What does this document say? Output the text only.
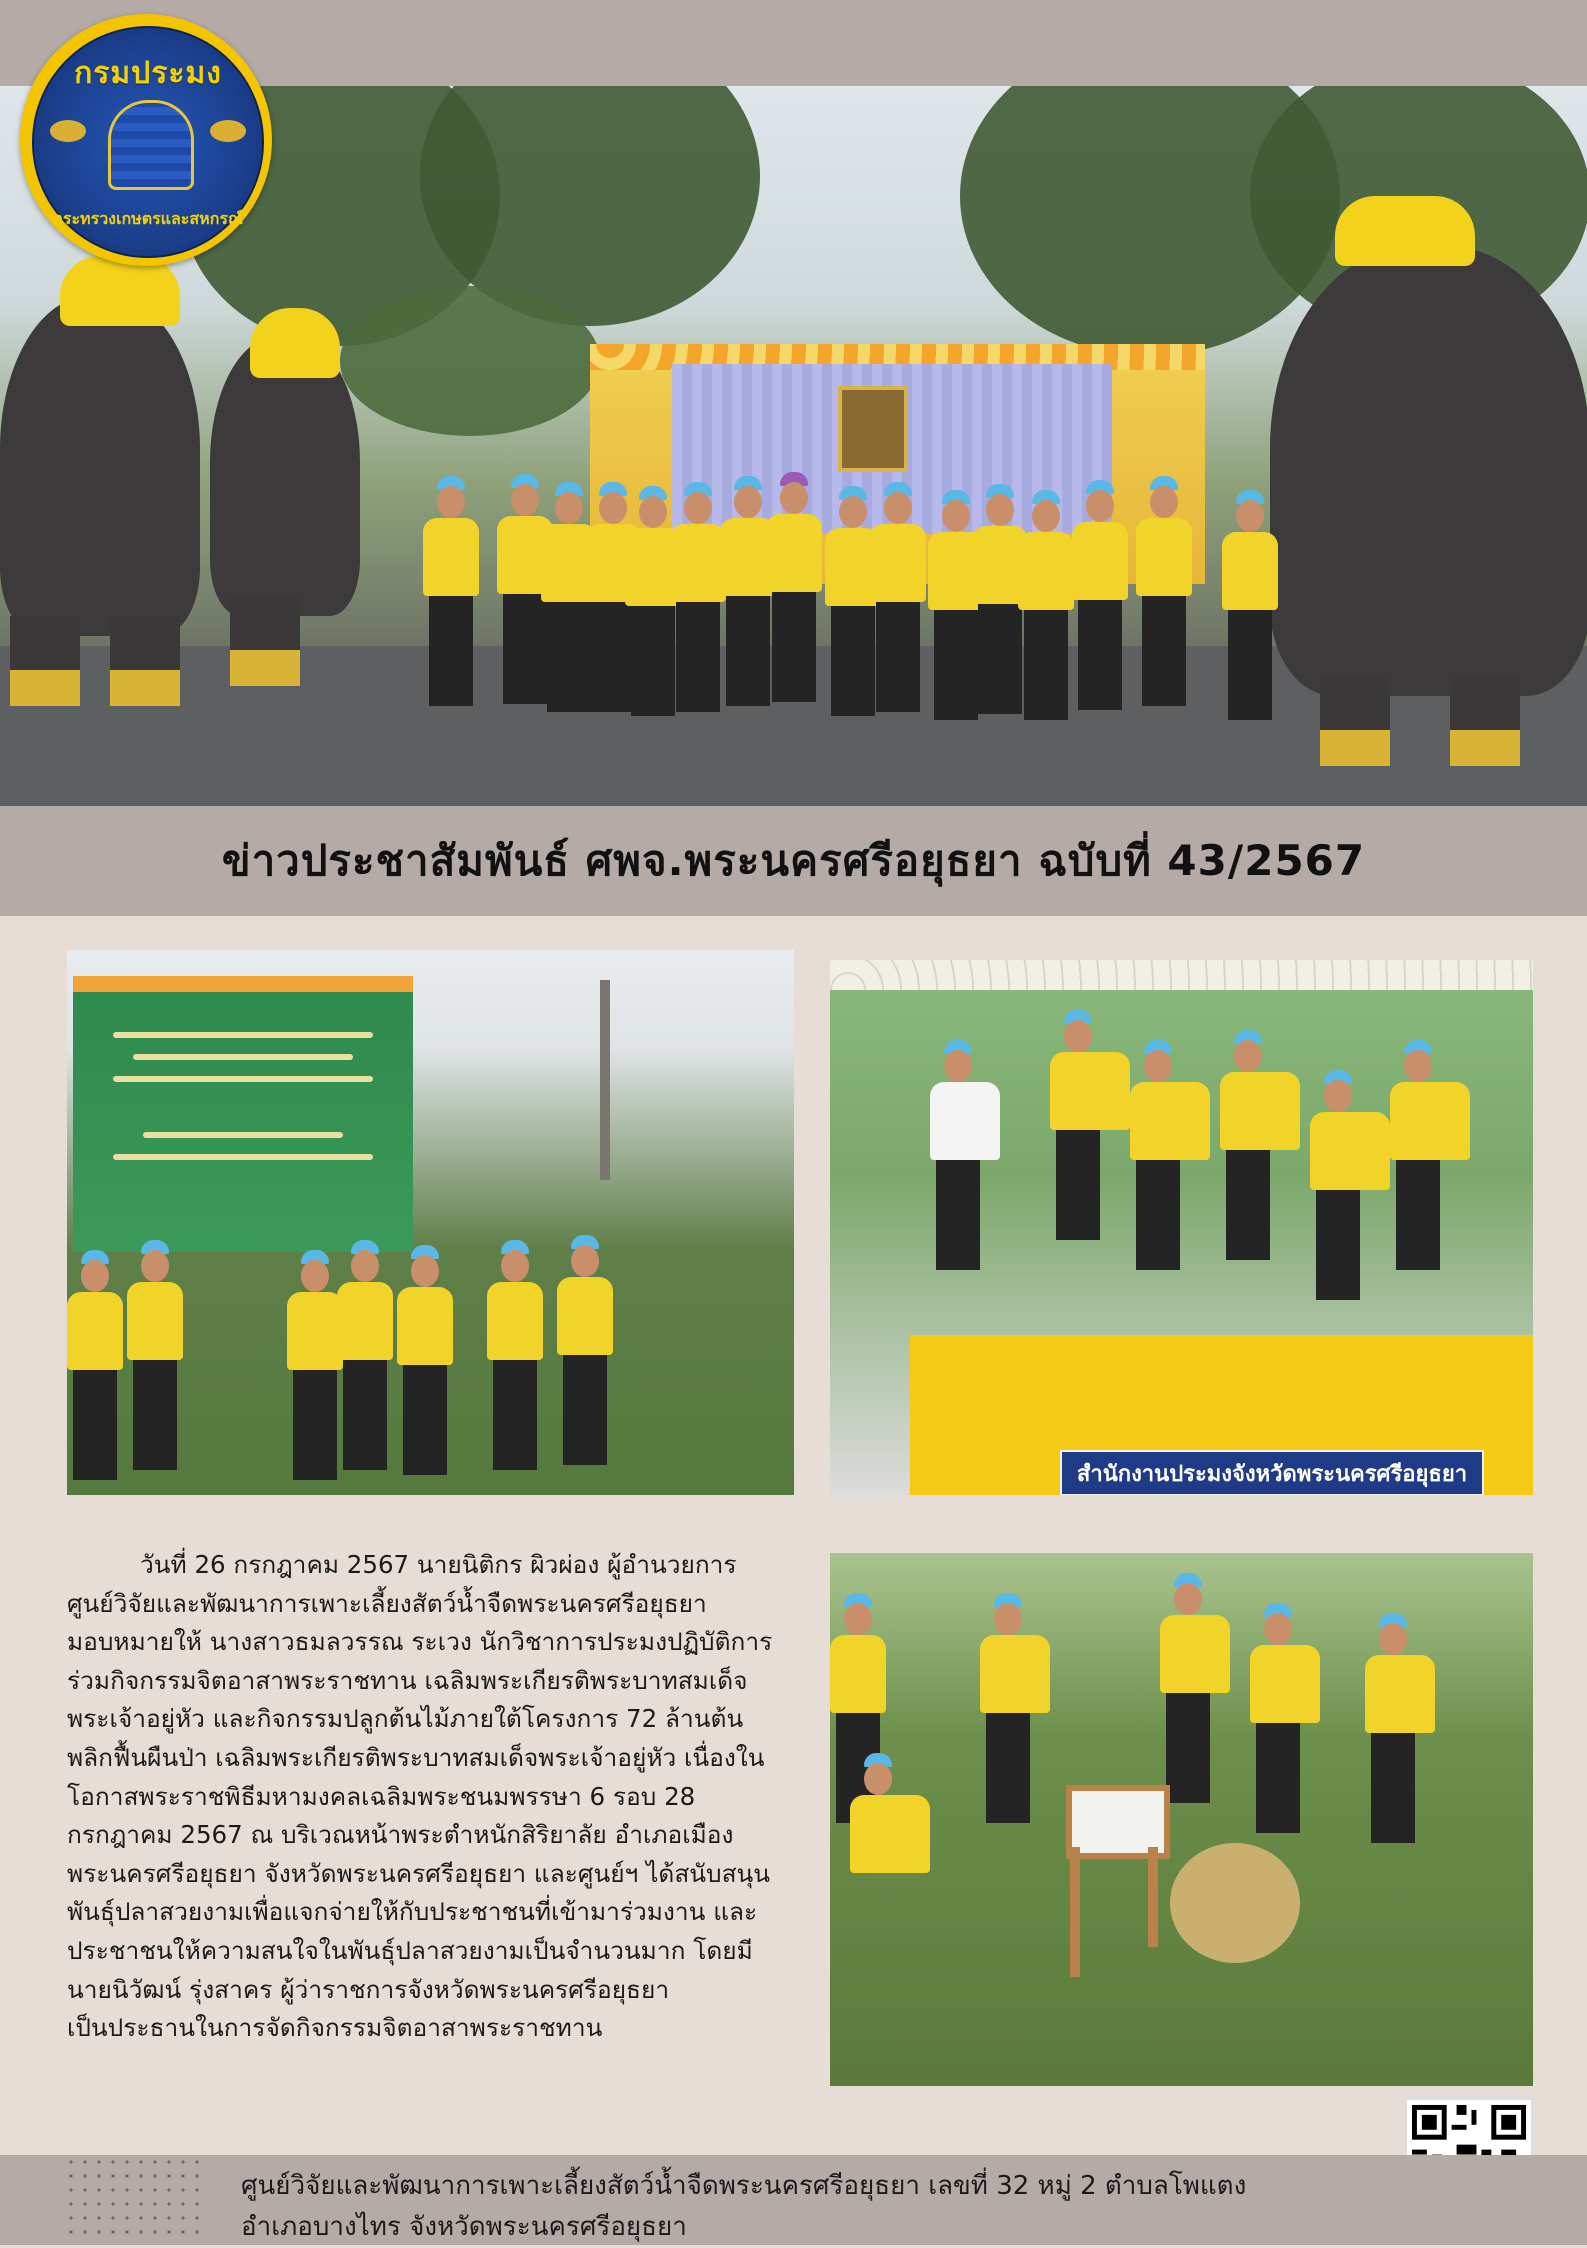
กรมประมง
กระทรวงเกษตรและสหกรณ์
ข่าวประชาสัมพันธ์ ศพจ.พระนครศรีอยุธยา ฉบับที่ 43/2567
สำนักงานประมงจังหวัดพระนครศรีอยุธยา
วันที่ 26 กรกฎาคม 2567 นายนิติกร ผิวผ่อง ผู้อำนวยการ
ศูนย์วิจัยและพัฒนาการเพาะเลี้ยงสัตว์น้ำจืดพระนครศรีอยุธยา
มอบหมายให้ นางสาวธมลวรรณ ระเวง นักวิชาการประมงปฏิบัติการ
ร่วมกิจกรรมจิตอาสาพระราชทาน เฉลิมพระเกียรติพระบาทสมเด็จ
พระเจ้าอยู่หัว และกิจกรรมปลูกต้นไม้ภายใต้โครงการ 72 ล้านต้น
พลิกฟื้นผืนป่า เฉลิมพระเกียรติพระบาทสมเด็จพระเจ้าอยู่หัว เนื่องใน
โอกาสพระราชพิธีมหามงคลเฉลิมพระชนมพรรษา 6 รอบ 28
กรกฎาคม 2567 ณ บริเวณหน้าพระตำหนักสิริยาลัย อำเภอเมือง
พระนครศรีอยุธยา จังหวัดพระนครศรีอยุธยา และศูนย์ฯ ได้สนับสนุน
พันธุ์ปลาสวยงามเพื่อแจกจ่ายให้กับประชาชนที่เข้ามาร่วมงาน และ
ประชาชนให้ความสนใจในพันธุ์ปลาสวยงามเป็นจำนวนมาก โดยมี
นายนิวัฒน์ รุ่งสาคร ผู้ว่าราชการจังหวัดพระนครศรีอยุธยา
เป็นประธานในการจัดกิจกรรมจิตอาสาพระราชทาน
ศูนย์วิจัยและพัฒนาการเพาะเลี้ยงสัตว์น้ำจืดพระนครศรีอยุธยา เลขที่ 32 หมู่ 2 ตำบลโพแตง
อำเภอบางไทร จังหวัดพระนครศรีอยุธยา
